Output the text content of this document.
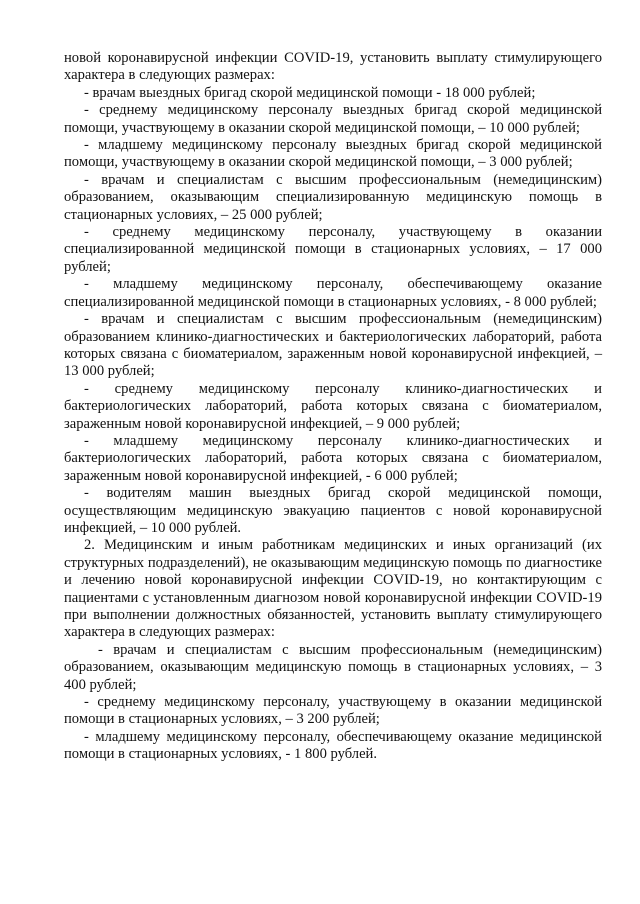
новой коронавирусной инфекции COVID-19, установить выплату стимулирующего характера в следующих размерах:

- врачам выездных бригад скорой медицинской помощи - 18 000 рублей;

- среднему медицинскому персоналу выездных бригад скорой медицинской помощи, участвующему в оказании скорой медицинской помощи, – 10 000 рублей;

- младшему медицинскому персоналу выездных бригад скорой медицинской помощи, участвующему в оказании скорой медицинской помощи, – 3 000 рублей;

- врачам и специалистам с высшим профессиональным (немедицинским) образованием, оказывающим специализированную медицинскую помощь в стационарных условиях, – 25 000 рублей;

- среднему медицинскому персоналу, участвующему в оказании специализированной медицинской помощи в стационарных условиях, – 17 000 рублей;

- младшему медицинскому персоналу, обеспечивающему оказание специализированной медицинской помощи в стационарных условиях, - 8 000 рублей;

- врачам и специалистам с высшим профессиональным (немедицинским) образованием клинико-диагностических и бактериологических лабораторий, работа которых связана с биоматериалом, зараженным новой коронавирусной инфекцией, – 13 000 рублей;

- среднему медицинскому персоналу клинико-диагностических и бактериологических лабораторий, работа которых связана с биоматериалом, зараженным новой коронавирусной инфекцией, – 9 000 рублей;

- младшему медицинскому персоналу клинико-диагностических и бактериологических лабораторий, работа которых связана с биоматериалом, зараженным новой коронавирусной инфекцией, - 6 000 рублей;

- водителям машин выездных бригад скорой медицинской помощи, осуществляющим медицинскую эвакуацию пациентов с новой коронавирусной инфекцией, – 10 000 рублей.

2. Медицинским и иным работникам медицинских и иных организаций (их структурных подразделений), не оказывающим медицинскую помощь по диагностике и лечению новой коронавирусной инфекции COVID-19, но контактирующим с пациентами с установленным диагнозом новой коронавирусной инфекции COVID-19 при выполнении должностных обязанностей, установить выплату стимулирующего характера в следующих размерах:

- врачам и специалистам с высшим профессиональным (немедицинским) образованием, оказывающим медицинскую помощь в стационарных условиях, – 3 400 рублей;

- среднему медицинскому персоналу, участвующему в оказании медицинской помощи в стационарных условиях, – 3 200 рублей;

- младшему медицинскому персоналу, обеспечивающему оказание медицинской помощи в стационарных условиях, - 1 800 рублей.
